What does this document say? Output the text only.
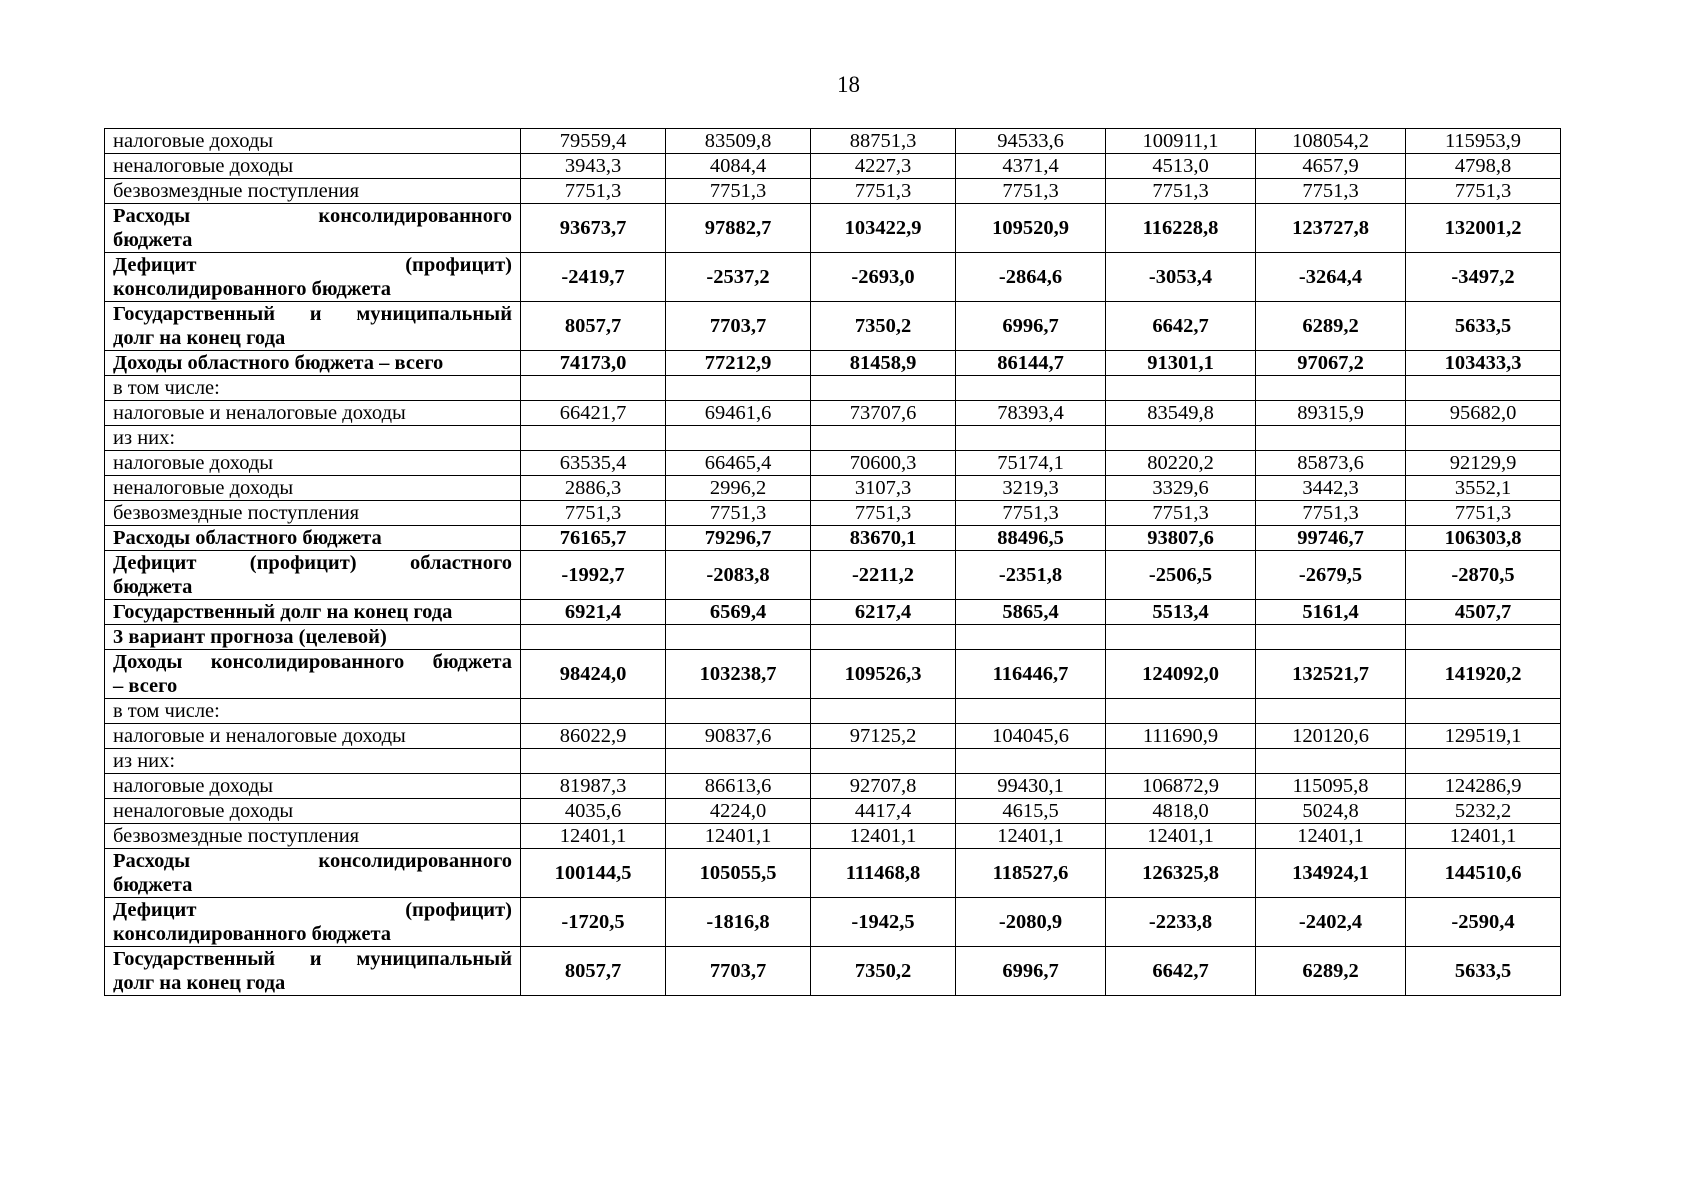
18
налоговые доходы	79559,4	83509,8	88751,3	94533,6	100911,1	108054,2	115953,9
неналоговые доходы	3943,3	4084,4	4227,3	4371,4	4513,0	4657,9	4798,8
безвозмездные поступления	7751,3	7751,3	7751,3	7751,3	7751,3	7751,3	7751,3

Расходы консолидированного
бюджета	93673,7	97882,7	103422,9	109520,9	116228,8	123727,8	132001,2

Дефицит (профицит)
консолидированного бюджета	-2419,7	-2537,2	-2693,0	-2864,6	-3053,4	-3264,4	-3497,2

Государственный и муниципальный
долг на конец года	8057,7	7703,7	7350,2	6996,7	6642,7	6289,2	5633,5
Доходы областного бюджета – всего	74173,0	77212,9	81458,9	86144,7	91301,1	97067,2	103433,3
в том числе:							
налоговые и неналоговые доходы	66421,7	69461,6	73707,6	78393,4	83549,8	89315,9	95682,0
из них:							
налоговые доходы	63535,4	66465,4	70600,3	75174,1	80220,2	85873,6	92129,9
неналоговые доходы	2886,3	2996,2	3107,3	3219,3	3329,6	3442,3	3552,1
безвозмездные поступления	7751,3	7751,3	7751,3	7751,3	7751,3	7751,3	7751,3
Расходы областного бюджета	76165,7	79296,7	83670,1	88496,5	93807,6	99746,7	106303,8

Дефицит (профицит) областного
бюджета	-1992,7	-2083,8	-2211,2	-2351,8	-2506,5	-2679,5	-2870,5
Государственный долг на конец года	6921,4	6569,4	6217,4	5865,4	5513,4	5161,4	4507,7
3 вариант прогноза (целевой)							

Доходы консолидированного бюджета
– всего	98424,0	103238,7	109526,3	116446,7	124092,0	132521,7	141920,2
в том числе:							
налоговые и неналоговые доходы	86022,9	90837,6	97125,2	104045,6	111690,9	120120,6	129519,1
из них:							
налоговые доходы	81987,3	86613,6	92707,8	99430,1	106872,9	115095,8	124286,9
неналоговые доходы	4035,6	4224,0	4417,4	4615,5	4818,0	5024,8	5232,2
безвозмездные поступления	12401,1	12401,1	12401,1	12401,1	12401,1	12401,1	12401,1

Расходы консолидированного
бюджета	100144,5	105055,5	111468,8	118527,6	126325,8	134924,1	144510,6

Дефицит (профицит)
консолидированного бюджета	-1720,5	-1816,8	-1942,5	-2080,9	-2233,8	-2402,4	-2590,4

Государственный и муниципальный
долг на конец года	8057,7	7703,7	7350,2	6996,7	6642,7	6289,2	5633,5
